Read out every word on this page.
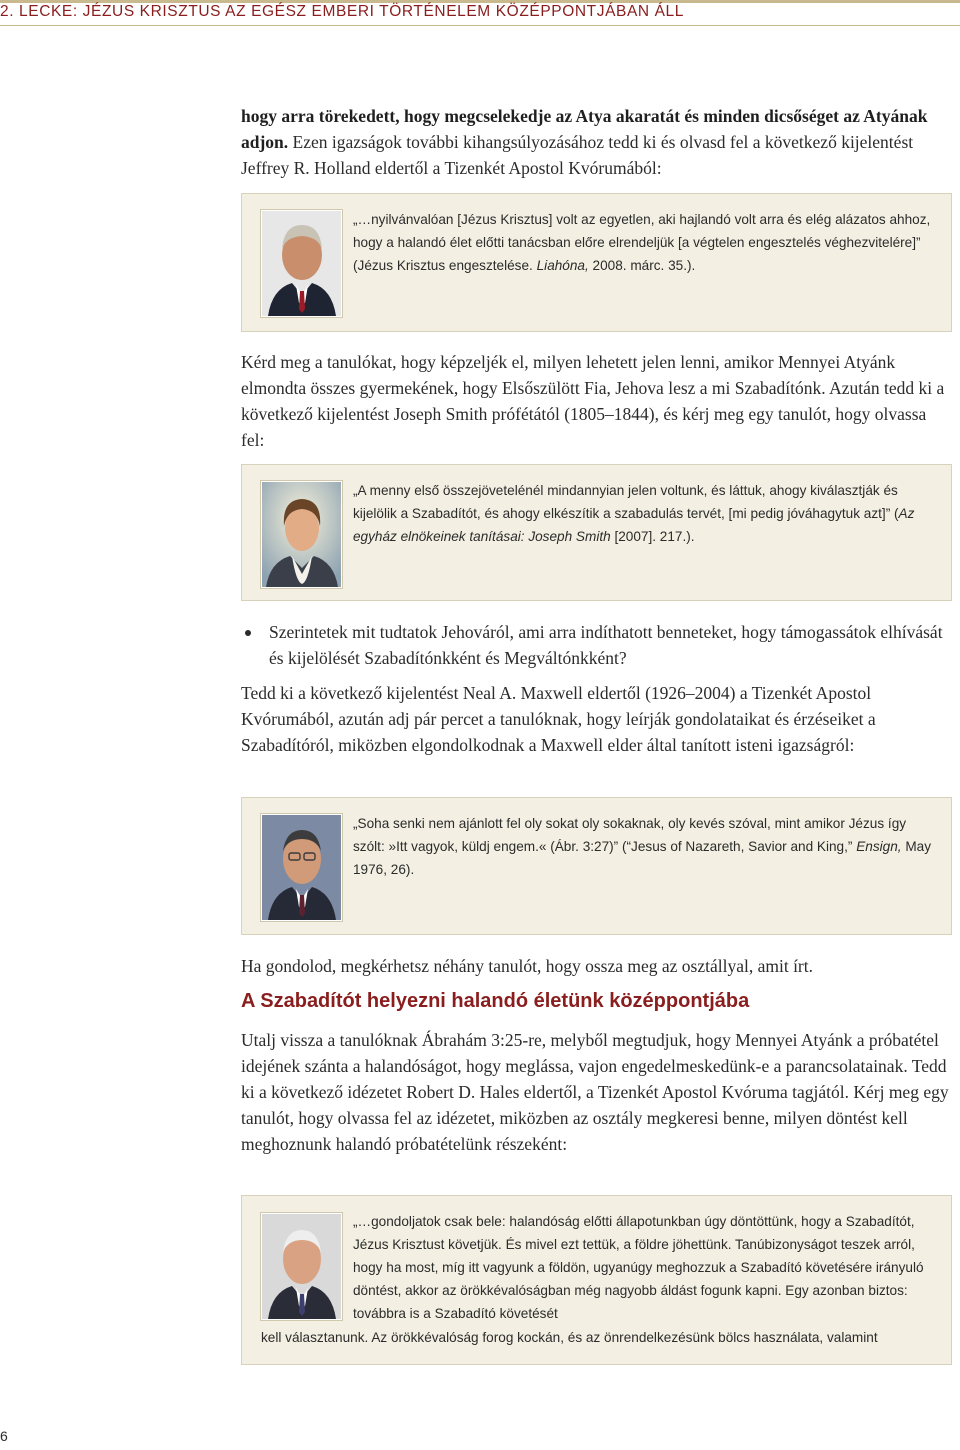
2. LECKE: JÉZUS KRISZTUS AZ EGÉSZ EMBERI TÖRTÉNELEM KÖZÉPPONTJÁBAN ÁLL

hogy arra törekedett, hogy megcselekedje az Atya akaratát és minden dicsőséget az Atyának adjon. Ezen igazságok további kihangsúlyozásához tedd ki és olvasd fel a következő kijelentést Jeffrey R. Holland eldertől a Tizenkét Apostol Kvórumából:

„…nyilvánvalóan [Jézus Krisztus] volt az egyetlen, aki hajlandó volt arra és elég alázatos ahhoz, hogy a halandó élet előtti tanácsban előre elrendeljük [a végtelen engesztelés véghezvitelére]” (Jézus Krisztus engesztelése. Liahóna, 2008. márc. 35.).

Kérd meg a tanulókat, hogy képzeljék el, milyen lehetett jelen lenni, amikor Mennyei Atyánk elmondta összes gyermekének, hogy Elsőszülött Fia, Jehova lesz a mi Szabadítónk. Azután tedd ki a következő kijelentést Joseph Smith prófétától (1805–1844), és kérj meg egy tanulót, hogy olvassa fel:

„A menny első összejövetelénél mindannyian jelen voltunk, és láttuk, ahogy kiválasztják és kijelölik a Szabadítót, és ahogy elkészítik a szabadulás tervét, [mi pedig jóváhagytuk azt]” (Az egyház elnökeinek tanításai: Joseph Smith [2007]. 217.).

Szerintetek mit tudtatok Jehováról, ami arra indíthatott benneteket, hogy támogassátok elhívását és kijelölését Szabadítónkként és Megváltónkként?

Tedd ki a következő kijelentést Neal A. Maxwell eldertől (1926–2004) a Tizenkét Apostol Kvórumából, azután adj pár percet a tanulóknak, hogy leírják gondolataikat és érzéseiket a Szabadítóról, miközben elgondolkodnak a Maxwell elder által tanított isteni igazságról:

„Soha senki nem ajánlott fel oly sokat oly sokaknak, oly kevés szóval, mint amikor Jézus így szólt: »Itt vagyok, küldj engem.« (Ábr. 3:27)” (“Jesus of Nazareth, Savior and King,” Ensign, May 1976, 26).

Ha gondolod, megkérhetsz néhány tanulót, hogy ossza meg az osztállyal, amit írt.

A Szabadítót helyezni halandó életünk középpontjába

Utalj vissza a tanulóknak Ábrahám 3:25-re, melyből megtudjuk, hogy Mennyei Atyánk a próbatétel idejének szánta a halandóságot, hogy meglássa, vajon engedelmeskedünk-e a parancsolatainak. Tedd ki a következő idézetet Robert D. Hales eldertől, a Tizenkét Apostol Kvóruma tagjától. Kérj meg egy tanulót, hogy olvassa fel az idézetet, miközben az osztály megkeresi benne, milyen döntést kell meghoznunk halandó próbatételünk részeként:

„…gondoljatok csak bele: halandóság előtti állapotunkban úgy döntöttünk, hogy a Szabadítót, Jézus Krisztust követjük. És mivel ezt tettük, a földre jöhettünk. Tanúbizonyságot teszek arról, hogy ha most, míg itt vagyunk a földön, ugyanúgy meghozzuk a Szabadító követésére irányuló döntést, akkor az örökkévalóságban még nagyobb áldást fogunk kapni. Egy azonban biztos: továbbra is a Szabadító követését
kell választanunk. Az örökkévalóság forog kockán, és az önrendelkezésünk bölcs használata, valamint
6
